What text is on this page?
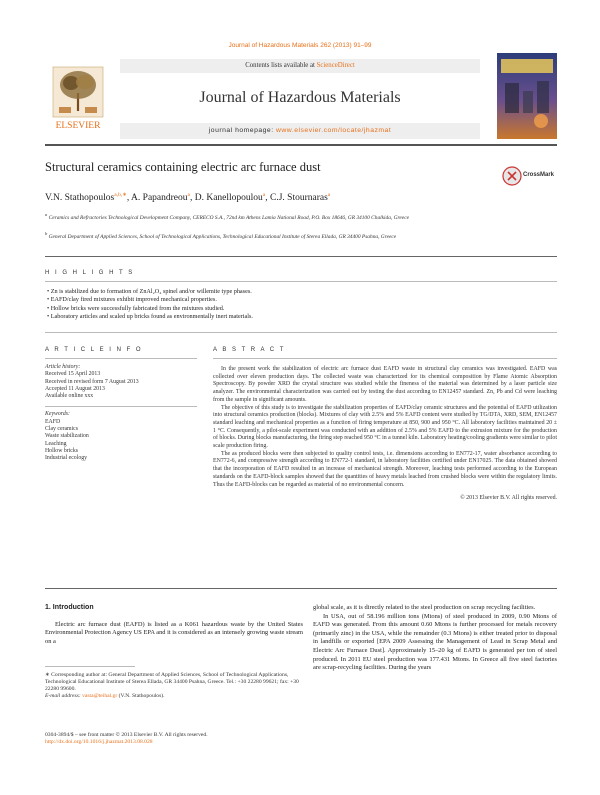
Journal of Hazardous Materials 262 (2013) 91–99
ELSEVIER
Contents lists available at ScienceDirect
Journal of Hazardous Materials
journal homepage: www.elsevier.com/locate/jhazmat
Structural ceramics containing electric arc furnace dust
CrossMark
V.N. Stathopoulos$^{a,b,∗}$, A. Papandreou$^a$, D. Kanellopoulou$^a$, C.J. Stournaras$^a$
$^a$ Ceramics and Refractories Technological Development Company, CERECO S.A., 72nd km Athens Lamia National Road, P.O. Box 18646, GR 34100 Chalkida, Greece
$^b$ General Department of Applied Sciences, School of Technological Applications, Technological Educational Institute of Sterea Ellada, GR 34400 Psahna, Greece
H I G H L I G H T S
• Zn is stabilized due to formation of ZnAl₂O₄ spinel and/or willemite type phases.
• EAFD/clay fired mixtures exhibit improved mechanical properties.
• Hollow bricks were successfully fabricated from the mixtures studied.
• Laboratory articles and scaled up bricks found as environmentally inert materials.
A R T I C L E I N F O
Article history:
Received 15 April 2013
Received in revised form 7 August 2013
Accepted 11 August 2013
Available online xxx
Keywords:
EAFD
Clay ceramics
Waste stabilization
Leaching
Hollow bricks
Industrial ecology
A B S T R A C T

In the present work the stabilization of electric arc furnace dust EAFD waste in structural clay ceramics was investigated. EAFD was collected over eleven production days. The collected waste was characterized for its chemical composition by Flame Atomic Absorption Spectroscopy. By powder XRD the crystal structure was studied while the fineness of the material was determined by a laser particle size analyzer. The environmental characterization was carried out by testing the dust according to EN12457 standard. Zn, Pb and Cd were leaching from the sample in significant amounts.

The objective of this study is to investigate the stabilization properties of EAFD/clay ceramic structures and the potential of EAFD utilization into structural ceramics production (blocks). Mixtures of clay with 2.5% and 5% EAFD content were studied by TG/DTA, XRD, SEM, EN12457 standard leaching and mechanical properties as a function of firing temperature at 850, 900 and 950 °C. All laboratory facilities maintained 20 ± 1 °C. Consequently, a pilot-scale experiment was conducted with an addition of 2.5% and 5% EAFD to the extrusion mixture for the production of blocks. During blocks manufacturing, the firing step reached 950 °C in a tunnel kiln. Laboratory heating/cooling gradients were similar to pilot scale production firing.

The as produced blocks were then subjected to quality control tests, i.e. dimensions according to EN772-17, water absorbance according to EN772-6, and compressive strength according to EN772-1 standard, in laboratory facilities certified under EN17025. The data obtained showed that the incorporation of EAFD resulted in an increase of mechanical strength. Moreover, leaching tests performed according to the European standards on the EAFD-block samples showed that the quantities of heavy metals leached from crushed blocks were within the regulatory limits. Thus the EAFD-blocks can be regarded as material of no environmental concern.

© 2013 Elsevier B.V. All rights reserved.
1. Introduction
Electric arc furnace dust (EAFD) is listed as a K061 hazardous waste by the United States Environmental Protection Agency US EPA and it is considered as an intensely growing waste stream on a
∗ Corresponding author at: General Department of Applied Sciences, School of Technological Applications, Technological Educational Institute of Sterea Ellada, GR 34400 Psahna, Greece. Tel.: +30 22280 99621; fax: +30 22280 99600.
E-mail address: vasta@teihal.gr (V.N. Stathopoulos).
0304-3894/$ – see front matter © 2013 Elsevier B.V. All rights reserved.
http://dx.doi.org/10.1016/j.jhazmat.2013.08.028
global scale, as it is directly related to the steel production on scrap recycling facilities.
In USA, out of 58.196 million tons (Mtons) of steel produced in 2009, 0.90 Mtons of EAFD was generated. From this amount 0.60 Mtons is further processed for metals recovery (primarily zinc) in the USA, while the remainder (0.3 Mtons) is either treated prior to disposal in landfills or exported [EPA 2009 Assessing the Management of Lead in Scrap Metal and Electric Arc Furnace Dust]. Approximately 15–20 kg of EAFD is generated per ton of steel produced. In 2011 EU steel production was 177.431 Mtons. In Greece all five steel factories are scrap-recycling facilities. During the years
